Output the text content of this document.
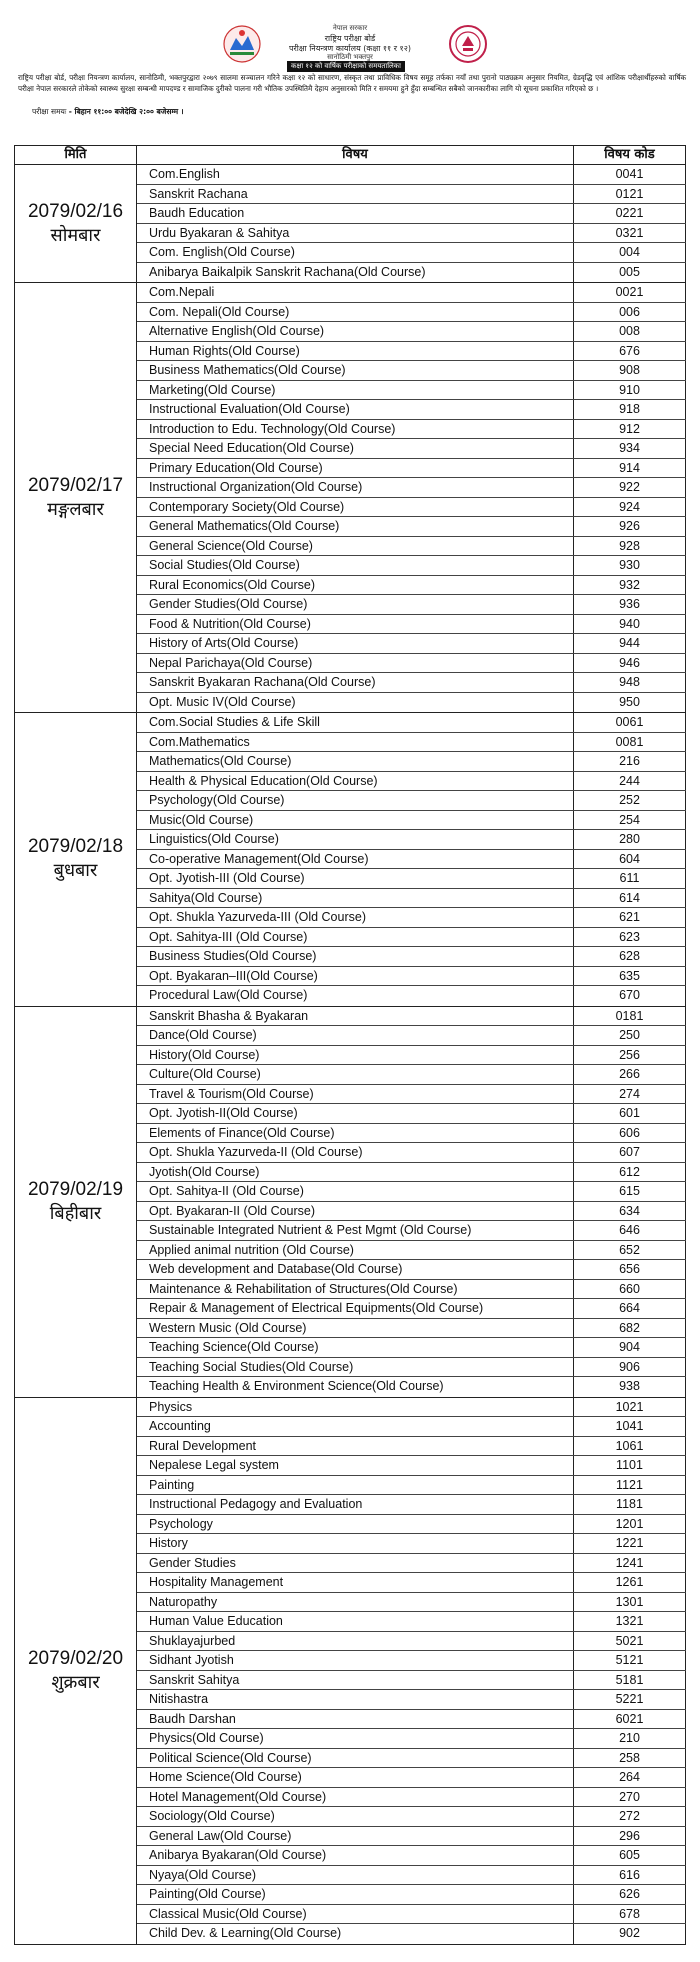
नेपाल सरकार
राष्ट्रिय परीक्षा बोर्ड
परीक्षा नियन्त्रण कार्यालय (कक्षा ११ र १२)
सानोठिमी भक्तपुर
कक्षा १२ को वार्षिक परीक्षाको समयतालिका
राष्ट्रिय परीक्षा बोर्ड, परीक्षा नियन्त्रण कार्यालय, सानोठिमी, भक्तपुरद्वारा २०७९ सालमा सञ्चालन गरिने कक्षा १२ को साधारण, संस्कृत तथा प्राविधिक विषय समूह तर्फका नयाँ तथा पुरानो पाठ्यक्रम अनुसार नियमित, ग्रेडवृद्धि एवं आंशिक परीक्षार्थीहरुको वार्षिक परीक्षा नेपाल सरकारले तोकेको स्वास्थ्य सुरक्षा सम्बन्धी मापदण्ड र सामाजिक दुरीको पालना गरी भौतिक उपस्थितिमै देहाय अनुसारको मिति र समयमा हुने हुँदा सम्बन्धित सबैको जानकारीका लागि यो सूचना प्रकाशित गरिएको छ ।
परीक्षा समयः - बिहान ११:०० बजेदेखि २:०० बजेसम्म ।
मिति	विषय	विषय कोड
2079/02/16
सोमबार
Com.English	0041
Sanskrit Rachana	0121
Baudh Education	0221
Urdu Byakaran & Sahitya	0321
Com. English(Old Course)	004
Anibarya Baikalpik Sanskrit Rachana(Old Course)	005
2079/02/17
मङ्गलबार
Com.Nepali	0021
Com. Nepali(Old Course)	006
Alternative English(Old Course)	008
Human Rights(Old Course)	676
Business Mathematics(Old Course)	908
Marketing(Old Course)	910
Instructional Evaluation(Old Course)	918
Introduction to Edu. Technology(Old Course)	912
Special Need Education(Old Course)	934
Primary Education(Old Course)	914
Instructional Organization(Old Course)	922
Contemporary Society(Old Course)	924
General Mathematics(Old Course)	926
General Science(Old Course)	928
Social Studies(Old Course)	930
Rural Economics(Old Course)	932
Gender Studies(Old Course)	936
Food & Nutrition(Old Course)	940
History of Arts(Old Course)	944
Nepal Parichaya(Old Course)	946
Sanskrit Byakaran Rachana(Old Course)	948
Opt. Music IV(Old Course)	950
2079/02/18
बुधबार
Com.Social Studies & Life Skill	0061
Com.Mathematics	0081
Mathematics(Old Course)	216
Health & Physical Education(Old Course)	244
Psychology(Old Course)	252
Music(Old Course)	254
Linguistics(Old Course)	280
Co-operative Management(Old Course)	604
Opt. Jyotish-III (Old Course)	611
Sahitya(Old Course)	614
Opt. Shukla Yazurveda-III (Old Course)	621
Opt. Sahitya-III (Old Course)	623
Business Studies(Old Course)	628
Opt. Byakaran–III(Old Course)	635
Procedural Law(Old Course)	670
2079/02/19
बिहीबार
Sanskrit Bhasha & Byakaran	0181
Dance(Old Course)	250
History(Old Course)	256
Culture(Old Course)	266
Travel & Tourism(Old Course)	274
Opt. Jyotish-II(Old Course)	601
Elements of Finance(Old Course)	606
Opt. Shukla Yazurveda-II (Old Course)	607
Jyotish(Old Course)	612
Opt. Sahitya-II (Old Course)	615
Opt. Byakaran-II (Old Course)	634
Sustainable Integrated Nutrient & Pest Mgmt (Old Course)	646
Applied animal nutrition (Old Course)	652
Web development and Database(Old Course)	656
Maintenance & Rehabilitation of Structures(Old Course)	660
Repair & Management of Electrical Equipments(Old Course)	664
Western Music (Old Course)	682
Teaching Science(Old Course)	904
Teaching Social Studies(Old Course)	906
Teaching Health & Environment Science(Old Course)	938
2079/02/20
शुक्रबार
Physics	1021
Accounting	1041
Rural Development	1061
Nepalese Legal system	1101
Painting	1121
Instructional Pedagogy and Evaluation	1181
Psychology	1201
History	1221
Gender Studies	1241
Hospitality Management	1261
Naturopathy	1301
Human Value Education	1321
Shuklayajurbed	5021
Sidhant Jyotish	5121
Sanskrit Sahitya	5181
Nitishastra	5221
Baudh Darshan	6021
Physics(Old Course)	210
Political Science(Old Course)	258
Home Science(Old Course)	264
Hotel Management(Old Course)	270
Sociology(Old Course)	272
General Law(Old Course)	296
Anibarya Byakaran(Old Course)	605
Nyaya(Old Course)	616
Painting(Old Course)	626
Classical Music(Old Course)	678
Child Dev. & Learning(Old Course)	902
